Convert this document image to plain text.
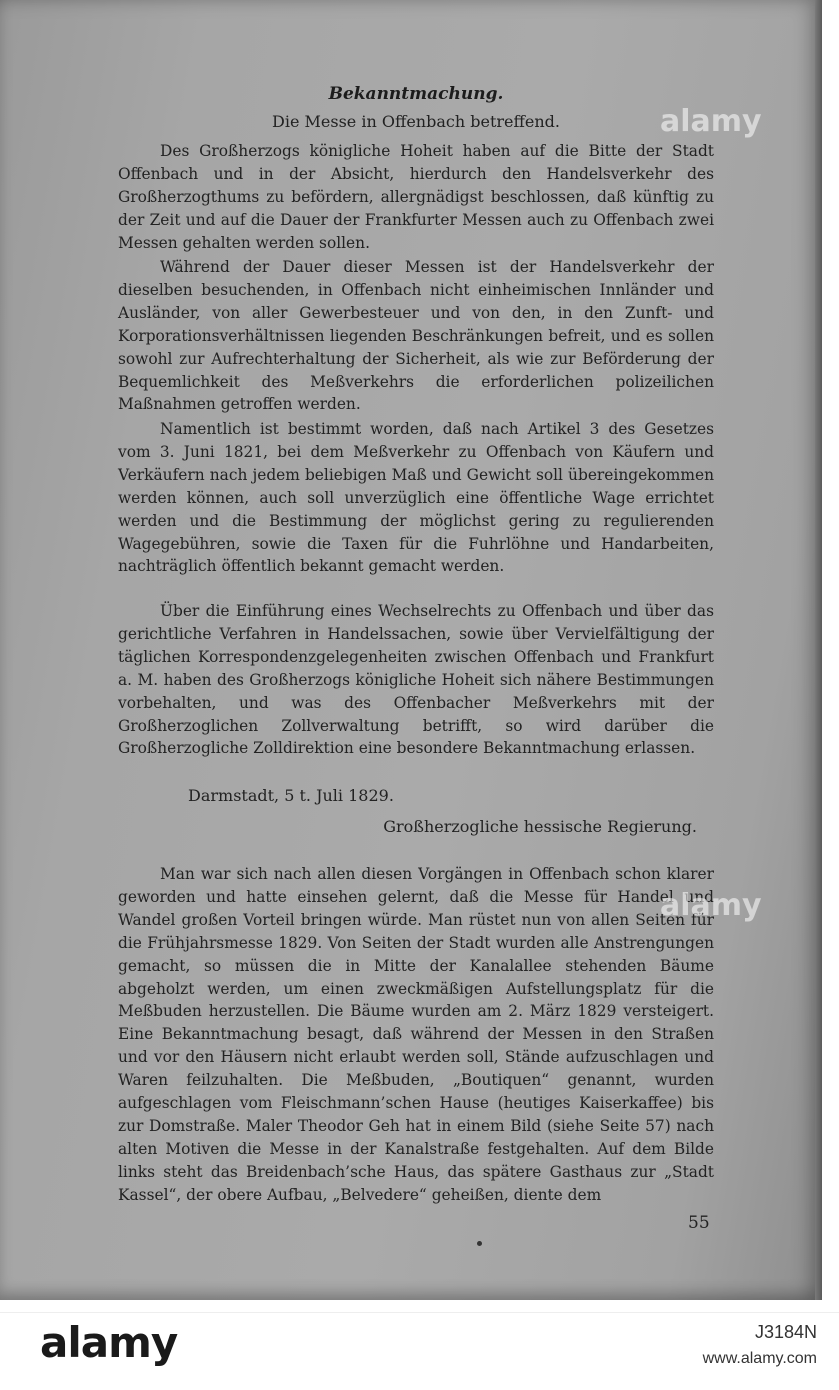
Bekanntmachung.
Die Messe in Offenbach betreffend.

Des Großherzogs königliche Hoheit haben auf die Bitte der Stadt Offenbach und in der Absicht, hierdurch den Handelsverkehr des Großherzogthums zu befördern, allergnädigst beschlossen, daß künftig zu der Zeit und auf die Dauer der Frankfurter Messen auch zu Offenbach zwei Messen gehalten werden sollen.

Während der Dauer dieser Messen ist der Handelsverkehr der dieselben besuchenden, in Offenbach nicht einheimischen Innländer und Ausländer, von aller Gewerbesteuer und von den, in den Zunft- und Korporationsverhältnissen liegenden Beschränkungen befreit, und es sollen sowohl zur Aufrechterhaltung der Sicherheit, als wie zur Beförderung der Bequemlichkeit des Meßverkehrs die erforderlichen polizeilichen Maßnahmen getroffen werden.

Namentlich ist bestimmt worden, daß nach Artikel 3 des Gesetzes vom 3. Juni 1821, bei dem Meßverkehr zu Offenbach von Käufern und Verkäufern nach jedem beliebigen Maß und Gewicht soll übereingekommen werden können, auch soll unverzüglich eine öffentliche Wage errichtet werden und die Bestimmung der möglichst gering zu regulierenden Wagegebühren, sowie die Taxen für die Fuhrlöhne und Handarbeiten, nachträglich öffentlich bekannt gemacht werden.

Über die Einführung eines Wechselrechts zu Offenbach und über das gerichtliche Verfahren in Handelssachen, sowie über Vervielfältigung der täglichen Korrespondenzgelegenheiten zwischen Offenbach und Frankfurt a. M. haben des Großherzogs königliche Hoheit sich nähere Bestimmungen vorbehalten, und was des Offenbacher Meßverkehrs mit der Großherzoglichen Zollverwaltung betrifft, so wird darüber die Großherzogliche Zolldirektion eine besondere Bekanntmachung erlassen.

Darmstadt, 5 t. Juli 1829.
Großherzogliche hessische Regierung.

Man war sich nach allen diesen Vorgängen in Offenbach schon klarer geworden und hatte einsehen gelernt, daß die Messe für Handel und Wandel großen Vorteil bringen würde. Man rüstet nun von allen Seiten für die Frühjahrsmesse 1829. Von Seiten der Stadt wurden alle Anstrengungen gemacht, so müssen die in Mitte der Kanalallee stehenden Bäume abgeholzt werden, um einen zweckmäßigen Aufstellungsplatz für die Meßbuden herzustellen. Die Bäume wurden am 2. März 1829 versteigert. Eine Bekanntmachung besagt, daß während der Messen in den Straßen und vor den Häusern nicht erlaubt werden soll, Stände aufzuschlagen und Waren feilzuhalten. Die Meßbuden, „Boutiquen“ genannt, wurden aufgeschlagen vom Fleischmann’schen Hause (heutiges Kaiserkaffee) bis zur Domstraße. Maler Theodor Geh hat in einem Bild (siehe Seite 57) nach alten Motiven die Messe in der Kanalstraße festgehalten. Auf dem Bilde links steht das Breidenbach’sche Haus, das spätere Gasthaus zur „Stadt Kassel“, der obere Aufbau, „Belvedere“ geheißen, diente dem

55
alamy
alamy
alamy	J3184N
www.alamy.com
